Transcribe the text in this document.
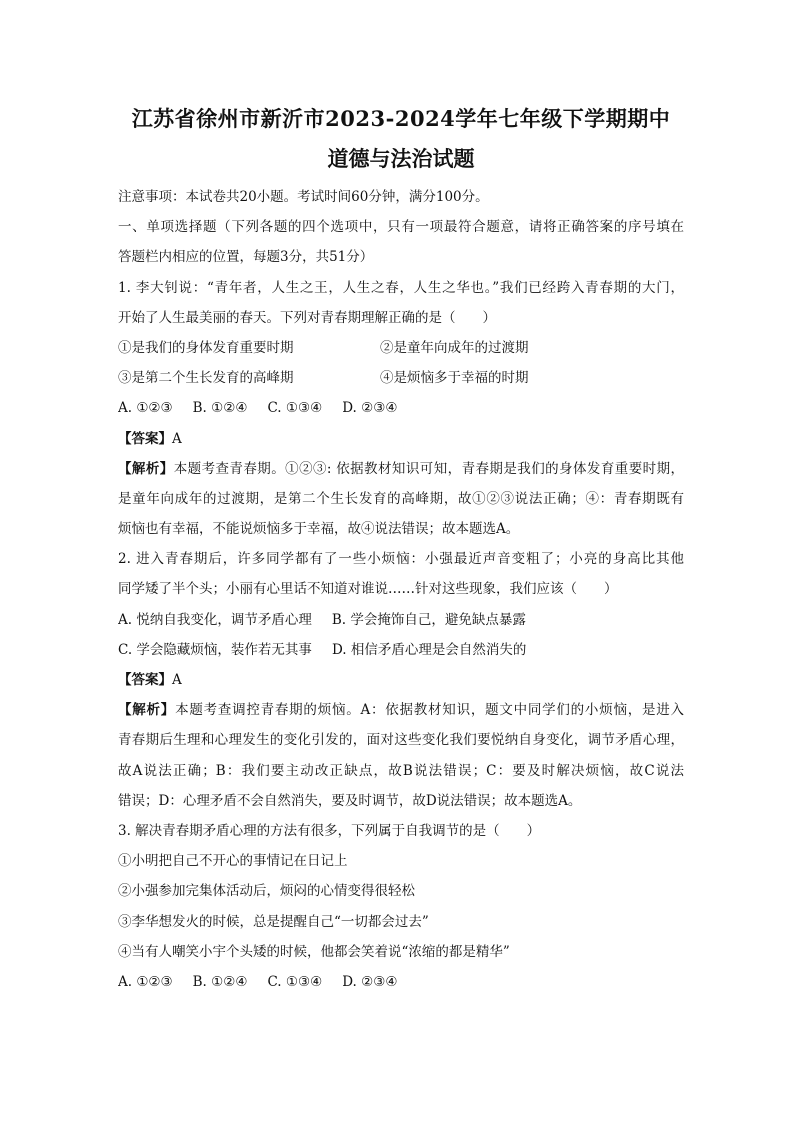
江苏省徐州市新沂市2023-2024学年七年级下学期期中
道德与法治试题
注意事项：本试卷共20小题。考试时间60分钟，满分100分。
一、单项选择题（下列各题的四个选项中，只有一项最符合题意，请将正确答案的序号填在
答题栏内相应的位置，每题3分，共51分）
1. 李大钊说：“青年者，人生之王，人生之春，人生之华也。”我们已经跨入青春期的大门，
开始了人生最美丽的春天。下列对青春期理解正确的是（　　）
①是我们的身体发育重要时期	②是童年向成年的过渡期
③是第二个生长发育的高峰期	④是烦恼多于幸福的时期
A. ①②③ B. ①②④ C. ①③④ D. ②③④
【答案】A
【解析】本题考查青春期。①②③: 依据教材知识可知，青春期是我们的身体发育重要时期，
是童年向成年的过渡期，是第二个生长发育的高峰期，故①②③说法正确；④：青春期既有
烦恼也有幸福，不能说烦恼多于幸福，故④说法错误；故本题选A。
2. 进入青春期后，许多同学都有了一些小烦恼：小强最近声音变粗了；小亮的身高比其他
同学矮了半个头；小丽有心里话不知道对谁说……针对这些现象，我们应该（　　）
A. 悦纳自我变化，调节矛盾心理 B. 学会掩饰自己，避免缺点暴露
C. 学会隐藏烦恼，装作若无其事 D. 相信矛盾心理是会自然消失的
【答案】A
【解析】本题考查调控青春期的烦恼。A：依据教材知识，题文中同学们的小烦恼，是进入
青春期后生理和心理发生的变化引发的，面对这些变化我们要悦纳自身变化，调节矛盾心理，
故A说法正确；B：我们要主动改正缺点，故B说法错误；C：要及时解决烦恼，故C说法
错误；D：心理矛盾不会自然消失，要及时调节，故D说法错误；故本题选A。
3. 解决青春期矛盾心理的方法有很多，下列属于自我调节的是（　　）
①小明把自己不开心的事情记在日记上
②小强参加完集体活动后，烦闷的心情变得很轻松
③李华想发火的时候，总是提醒自己“一切都会过去”
④当有人嘲笑小宇个头矮的时候，他都会笑着说“浓缩的都是精华”
A. ①②③ B. ①②④ C. ①③④ D. ②③④
